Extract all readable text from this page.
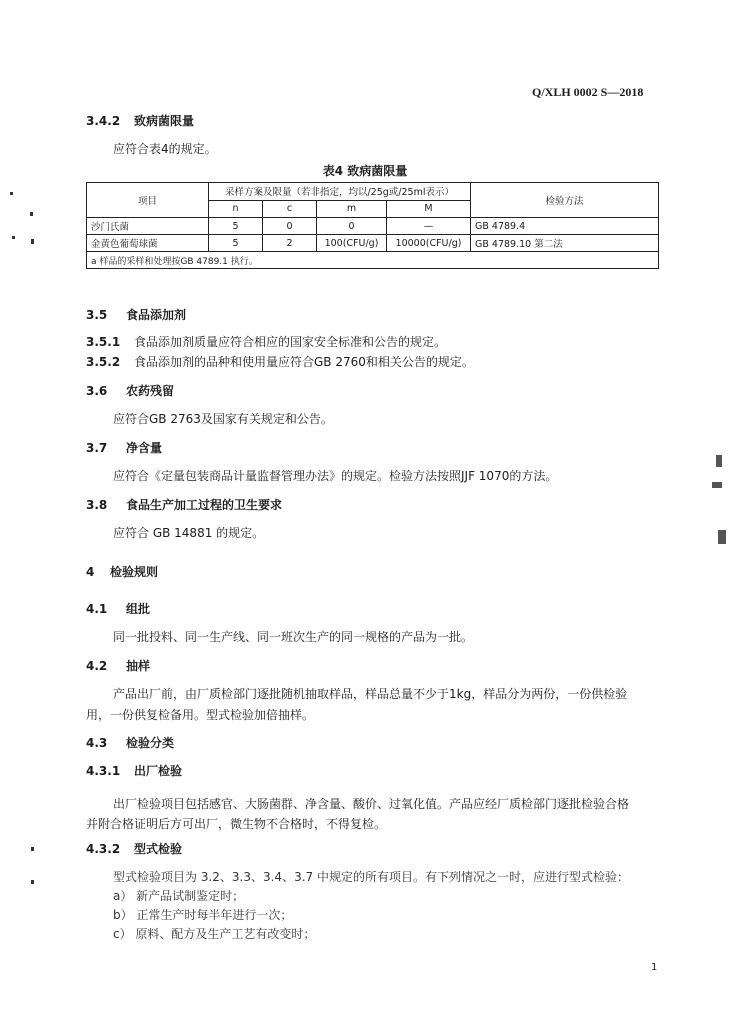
Q/XLH 0002 S—2018
3.4.2 致病菌限量
应符合表4的规定。
表4 致病菌限量
项目	采样方案及限量（若非指定，均以/25g或/25ml表示）				检验方法
	n	c	m	M	
沙门氏菌	5	0	0	—	GB 4789.4
金黄色葡萄球菌	5	2	100(CFU/g)	10000(CFU/g)	GB 4789.10 第二法
a 样品的采样和处理按GB 4789.1 执行。					
3.5 食品添加剂
3.5.1 食品添加剂质量应符合相应的国家安全标准和公告的规定。
3.5.2 食品添加剂的品种和使用量应符合GB 2760和相关公告的规定。
3.6 农药残留
应符合GB 2763及国家有关规定和公告。
3.7 净含量
应符合《定量包装商品计量监督管理办法》的规定。检验方法按照JJF 1070的方法。
3.8 食品生产加工过程的卫生要求
应符合 GB 14881 的规定。
4 检验规则
4.1 组批
同一批投料、同一生产线、同一班次生产的同一规格的产品为一批。
4.2 抽样
产品出厂前，由厂质检部门逐批随机抽取样品，样品总量不少于1kg，样品分为两份，一份供检验
用，一份供复检备用。型式检验加倍抽样。
4.3 检验分类
4.3.1 出厂检验
出厂检验项目包括感官、大肠菌群、净含量、酸价、过氧化值。产品应经厂质检部门逐批检验合格
并附合格证明后方可出厂，微生物不合格时，不得复检。
4.3.2 型式检验
型式检验项目为 3.2、3.3、3.4、3.7 中规定的所有项目。有下列情况之一时，应进行型式检验：
a） 新产品试制鉴定时；
b） 正常生产时每半年进行一次；
c） 原料、配方及生产工艺有改变时；
1
